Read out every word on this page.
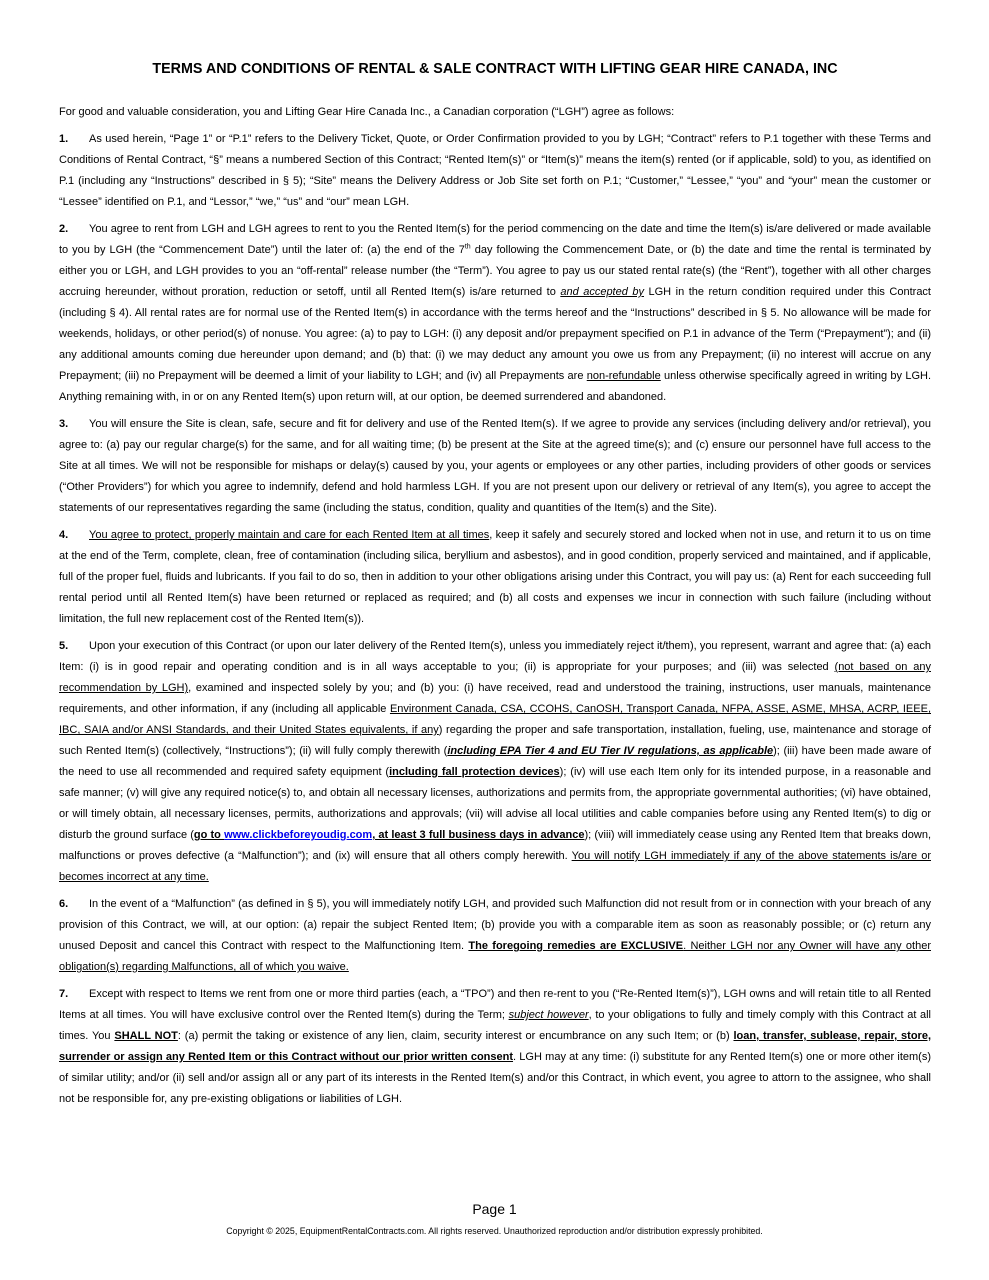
TERMS AND CONDITIONS OF RENTAL & SALE CONTRACT WITH LIFTING GEAR HIRE CANADA, INC

For good and valuable consideration, you and Lifting Gear Hire Canada Inc., a Canadian corporation (“LGH”) agree as follows:

1. As used herein, “Page 1” or “P.1” refers to the Delivery Ticket, Quote, or Order Confirmation provided to you by LGH; “Contract” refers to P.1 together with these Terms and Conditions of Rental Contract, “§” means a numbered Section of this Contract; “Rented Item(s)” or “Item(s)” means the item(s) rented (or if applicable, sold) to you, as identified on P.1 (including any “Instructions” described in § 5); “Site” means the Delivery Address or Job Site set forth on P.1; “Customer,” “Lessee,” “you” and “your” mean the customer or “Lessee” identified on P.1, and “Lessor,” “we,” “us” and “our” mean LGH.

2. You agree to rent from LGH and LGH agrees to rent to you the Rented Item(s) for the period commencing on the date and time the Item(s) is/are delivered or made available to you by LGH (the “Commencement Date”) until the later of: (a) the end of the 7th day following the Commencement Date, or (b) the date and time the rental is terminated by either you or LGH, and LGH provides to you an “off-rental” release number (the “Term”). You agree to pay us our stated rental rate(s) (the “Rent”), together with all other charges accruing hereunder, without proration, reduction or setoff, until all Rented Item(s) is/are returned to and accepted by LGH in the return condition required under this Contract (including § 4). All rental rates are for normal use of the Rented Item(s) in accordance with the terms hereof and the “Instructions” described in § 5. No allowance will be made for weekends, holidays, or other period(s) of nonuse. You agree: (a) to pay to LGH: (i) any deposit and/or prepayment specified on P.1 in advance of the Term (“Prepayment”); and (ii) any additional amounts coming due hereunder upon demand; and (b) that: (i) we may deduct any amount you owe us from any Prepayment; (ii) no interest will accrue on any Prepayment; (iii) no Prepayment will be deemed a limit of your liability to LGH; and (iv) all Prepayments are non-refundable unless otherwise specifically agreed in writing by LGH. Anything remaining with, in or on any Rented Item(s) upon return will, at our option, be deemed surrendered and abandoned.

3. You will ensure the Site is clean, safe, secure and fit for delivery and use of the Rented Item(s). If we agree to provide any services (including delivery and/or retrieval), you agree to: (a) pay our regular charge(s) for the same, and for all waiting time; (b) be present at the Site at the agreed time(s); and (c) ensure our personnel have full access to the Site at all times. We will not be responsible for mishaps or delay(s) caused by you, your agents or employees or any other parties, including providers of other goods or services (“Other Providers”) for which you agree to indemnify, defend and hold harmless LGH. If you are not present upon our delivery or retrieval of any Item(s), you agree to accept the statements of our representatives regarding the same (including the status, condition, quality and quantities of the Item(s) and the Site).

4. You agree to protect, properly maintain and care for each Rented Item at all times, keep it safely and securely stored and locked when not in use, and return it to us on time at the end of the Term, complete, clean, free of contamination (including silica, beryllium and asbestos), and in good condition, properly serviced and maintained, and if applicable, full of the proper fuel, fluids and lubricants. If you fail to do so, then in addition to your other obligations arising under this Contract, you will pay us: (a) Rent for each succeeding full rental period until all Rented Item(s) have been returned or replaced as required; and (b) all costs and expenses we incur in connection with such failure (including without limitation, the full new replacement cost of the Rented Item(s)).

5. Upon your execution of this Contract (or upon our later delivery of the Rented Item(s), unless you immediately reject it/them), you represent, warrant and agree that: (a) each Item: (i) is in good repair and operating condition and is in all ways acceptable to you; (ii) is appropriate for your purposes; and (iii) was selected (not based on any recommendation by LGH), examined and inspected solely by you; and (b) you: (i) have received, read and understood the training, instructions, user manuals, maintenance requirements, and other information, if any (including all applicable Environment Canada, CSA, CCOHS, CanOSH, Transport Canada, NFPA, ASSE, ASME, MHSA, ACRP, IEEE, IBC, SAIA and/or ANSI Standards, and their United States equivalents, if any) regarding the proper and safe transportation, installation, fueling, use, maintenance and storage of such Rented Item(s) (collectively, “Instructions”); (ii) will fully comply therewith (including EPA Tier 4 and EU Tier IV regulations, as applicable); (iii) have been made aware of the need to use all recommended and required safety equipment (including fall protection devices); (iv) will use each Item only for its intended purpose, in a reasonable and safe manner; (v) will give any required notice(s) to, and obtain all necessary licenses, authorizations and permits from, the appropriate governmental authorities; (vi) have obtained, or will timely obtain, all necessary licenses, permits, authorizations and approvals; (vii) will advise all local utilities and cable companies before using any Rented Item(s) to dig or disturb the ground surface (go to www.clickbeforeyoudig.com, at least 3 full business days in advance); (viii) will immediately cease using any Rented Item that breaks down, malfunctions or proves defective (a “Malfunction”); and (ix) will ensure that all others comply herewith. You will notify LGH immediately if any of the above statements is/are or becomes incorrect at any time.

6. In the event of a “Malfunction” (as defined in § 5), you will immediately notify LGH, and provided such Malfunction did not result from or in connection with your breach of any provision of this Contract, we will, at our option: (a) repair the subject Rented Item; (b) provide you with a comparable item as soon as reasonably possible; or (c) return any unused Deposit and cancel this Contract with respect to the Malfunctioning Item. The foregoing remedies are EXCLUSIVE. Neither LGH nor any Owner will have any other obligation(s) regarding Malfunctions, all of which you waive.

7. Except with respect to Items we rent from one or more third parties (each, a “TPO”) and then re-rent to you (“Re-Rented Item(s)”), LGH owns and will retain title to all Rented Items at all times. You will have exclusive control over the Rented Item(s) during the Term; subject however, to your obligations to fully and timely comply with this Contract at all times. You SHALL NOT: (a) permit the taking or existence of any lien, claim, security interest or encumbrance on any such Item; or (b) loan, transfer, sublease, repair, store, surrender or assign any Rented Item or this Contract without our prior written consent. LGH may at any time: (i) substitute for any Rented Item(s) one or more other item(s) of similar utility; and/or (ii) sell and/or assign all or any part of its interests in the Rented Item(s) and/or this Contract, in which event, you agree to attorn to the assignee, who shall not be responsible for, any pre-existing obligations or liabilities of LGH.

Page 1
Copyright © 2025, EquipmentRentalContracts.com. All rights reserved. Unauthorized reproduction and/or distribution expressly prohibited.
